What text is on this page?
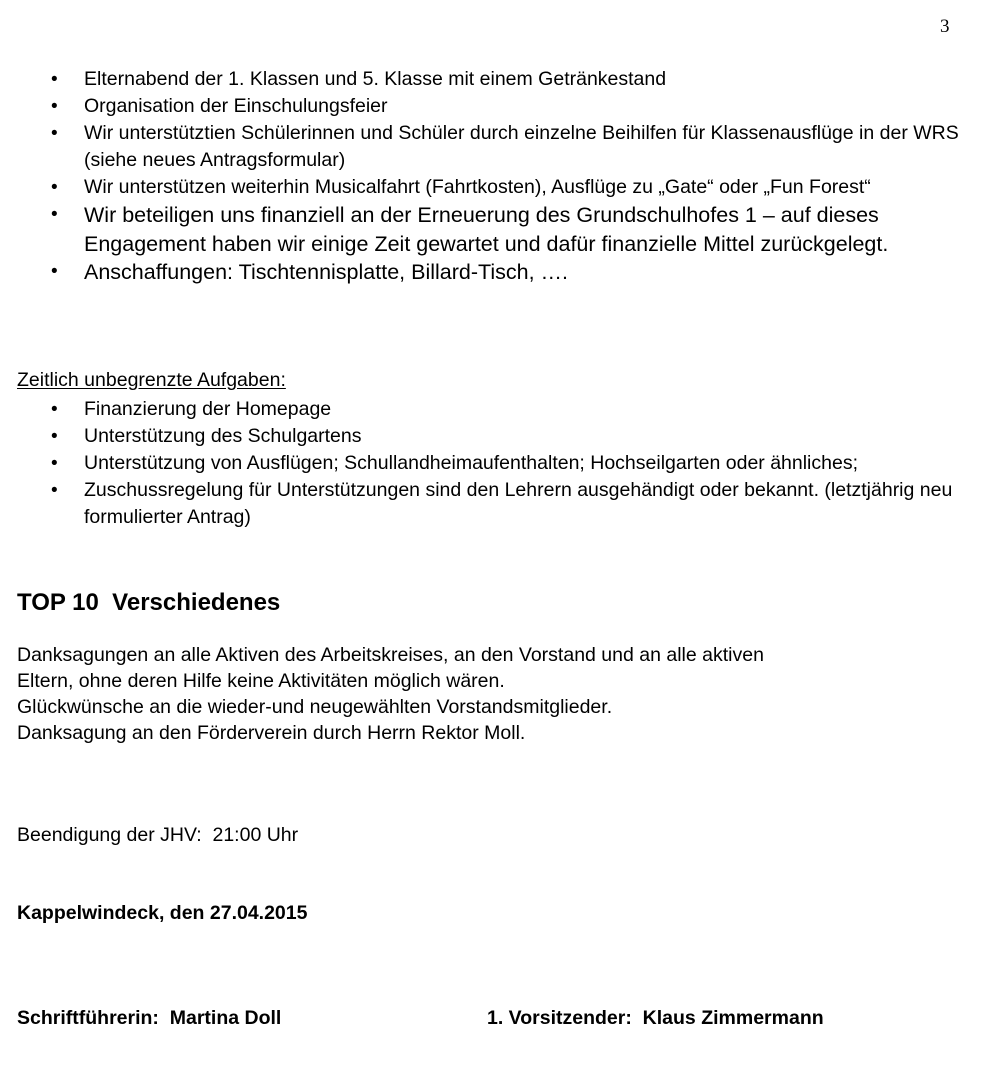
3
• Elternabend der 1. Klassen und 5. Klasse mit einem Getränkestand
• Organisation der Einschulungsfeier
• Wir unterstütztien Schülerinnen und Schüler durch einzelne Beihilfen für Klassenausflüge in der WRS (siehe neues Antragsformular)
• Wir unterstützen weiterhin Musicalfahrt (Fahrtkosten), Ausflüge zu „Gate“ oder „Fun Forest“
• Wir beteiligen uns finanziell an der Erneuerung des Grundschulhofes 1 – auf dieses Engagement haben wir einige Zeit gewartet und dafür finanzielle Mittel zurückgelegt.
• Anschaffungen: Tischtennisplatte, Billard-Tisch, ….
Zeitlich unbegrenzte Aufgaben:
• Finanzierung der Homepage
• Unterstützung des Schulgartens
• Unterstützung von Ausflügen; Schullandheimaufenthalten; Hochseilgarten oder ähnliches;
• Zuschussregelung für Unterstützungen sind den Lehrern ausgehändigt oder bekannt. (letztjährig neu formulierter Antrag)
TOP 10  Verschiedenes
Danksagungen an alle Aktiven des Arbeitskreises, an den Vorstand und an alle aktiven
Eltern, ohne deren Hilfe keine Aktivitäten möglich wären.
Glückwünsche an die wieder-und neugewählten Vorstandsmitglieder.
Danksagung an den Förderverein durch Herrn Rektor Moll.
Beendigung der JHV:  21:00 Uhr
Kappelwindeck, den 27.04.2015
Schriftführerin:  Martina Doll	1. Vorsitzender:  Klaus Zimmermann
